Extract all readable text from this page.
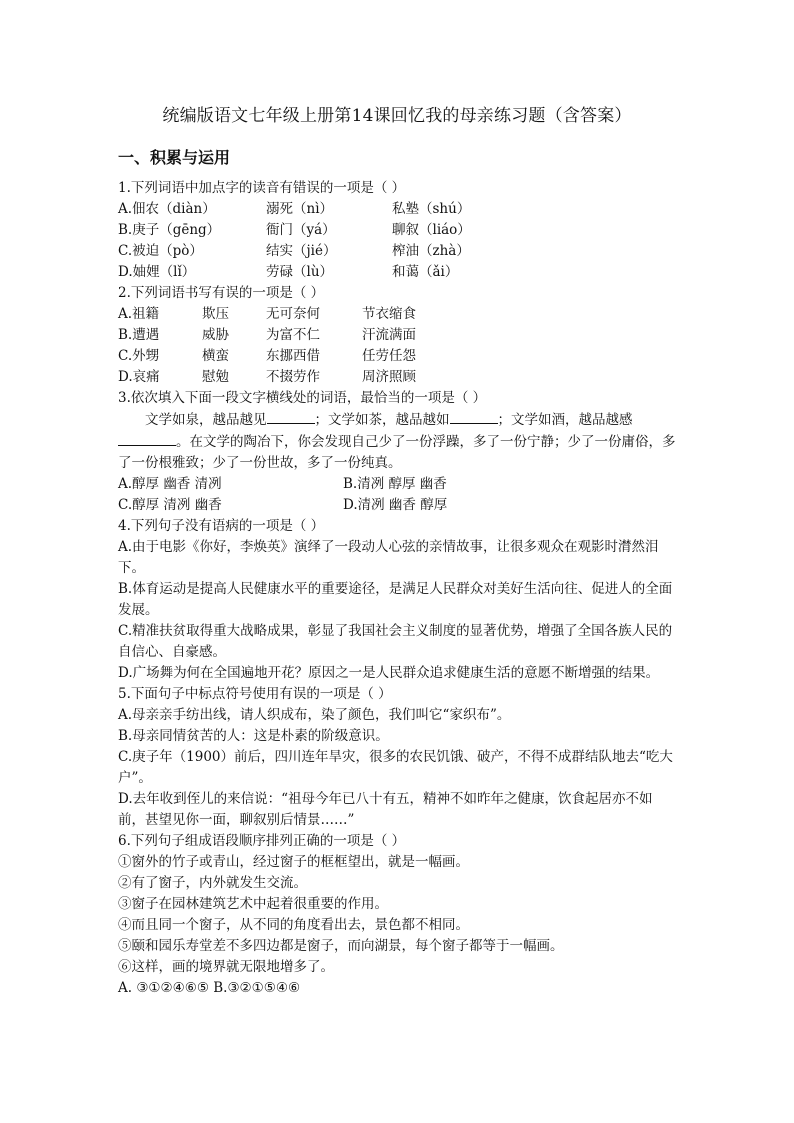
统编版语文七年级上册第14课回忆我的母亲练习题（含答案）
一、积累与运用
1.下列词语中加点字的读音有错误的一项是（ ）
A.佃农（diàn）	溺死（nì）	私塾（shú）
B.庚子（gēng）	衙门（yá）	聊叙（liáo）
C.被迫（pò）	结实（jié）	榨油（zhà）
D.妯娌（lǐ）	劳碌（lù）	和蔼（ǎi）
2.下列词语书写有误的一项是（ ）
A.祖籍	欺压	无可奈何	节衣缩食
B.遭遇	威胁	为富不仁	汗流满面
C.外甥	横蛮	东挪西借	任劳任怨
D.哀痛	慰勉	不掇劳作	周济照顾
3.依次填入下面一段文字横线处的词语，最恰当的一项是（ ）
文学如泉，越品越见	；文学如茶，越品越如	；文学如酒，越品越感。在文学的陶冶下，你会发现自己少了一份浮躁，多了一份宁静；少了一份庸俗，多了一份根雅致；少了一份世故，多了一份纯真。
A.醇厚 幽香 清冽	B.清冽 醇厚 幽香
C.醇厚 清冽 幽香	D.清冽 幽香 醇厚
4.下列句子没有语病的一项是（ ）
A.由于电影《你好，李焕英》演绎了一段动人心弦的亲情故事，让很多观众在观影时潸然泪下。
B.体育运动是提高人民健康水平的重要途径，是满足人民群众对美好生活向往、促进人的全面发展。
C.精准扶贫取得重大战略成果，彰显了我国社会主义制度的显著优势，增强了全国各族人民的自信心、自豪感。
D.广场舞为何在全国遍地开花？原因之一是人民群众追求健康生活的意愿不断增强的结果。
5.下面句子中标点符号使用有误的一项是（ ）
A.母亲亲手纺出线，请人织成布，染了颜色，我们叫它“家织布”。
B.母亲同情贫苦的人：这是朴素的阶级意识。
C.庚子年（1900）前后，四川连年旱灾，很多的农民饥饿、破产，不得不成群结队地去“吃大户”。
D.去年收到侄儿的来信说：“祖母今年已八十有五，精神不如昨年之健康，饮食起居亦不如前，甚望见你一面，聊叙别后情景……”
6.下列句子组成语段顺序排列正确的一项是（ ）
①窗外的竹子或青山，经过窗子的框框望出，就是一幅画。
②有了窗子，内外就发生交流。
③窗子在园林建筑艺术中起着很重要的作用。
④而且同一个窗子，从不同的角度看出去，景色都不相同。
⑤颐和园乐寿堂差不多四边都是窗子，而向湖景，每个窗子都等于一幅画。
⑥这样，画的境界就无限地增多了。
A. ③①②④⑥⑤ B.③②①⑤④⑥
